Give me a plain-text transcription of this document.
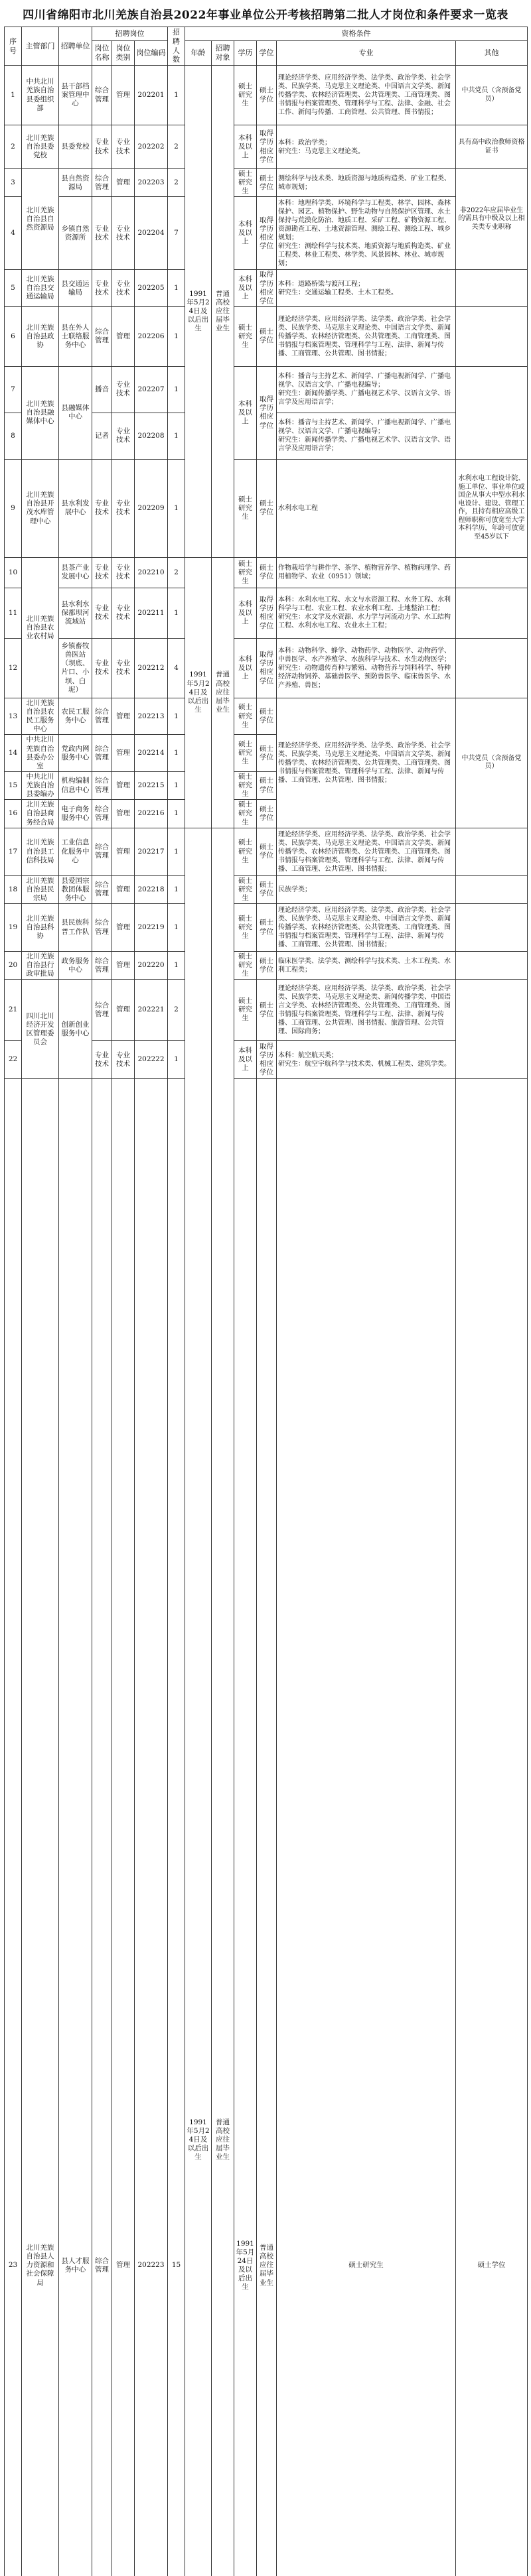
四川省绵阳市北川羌族自治县2022年事业单位公开考核招聘第二批人才岗位和条件要求一览表
序号	主管部门	招聘单位	招聘岗位			招聘人数	资格条件						
			岗位名称	岗位类别	岗位编码		年龄	招聘对象	学历	学位	专业	其他	
1	中共北川羌族自治县委组织部	县干部档案管理中心	综合管理	管理	202201	1	1991年5月24日及以后出生	普通高校应往届毕业生	硕士研究生	硕士学位	理论经济学类、应用经济学类、法学类、政治学类、社会学类、民族学类、马克思主义理论类、中国语言文学类、新闻传播学类、农林经济管理类、公共管理类、工商管理类、图书情报与档案管理类、管理科学与工程、法律、金融、社会工作、新闻与传播、工商管理、公共管理、图书情报；	中共党员（含预备党员）	
2	北川羌族自治县委党校	县委党校	专业技术	专业技术	202202	2			本科及以上	取得学历相应学位	本科：政治学类；
研究生：马克思主义理论类。	具有高中政治教师资格证书	
3	北川羌族自治县自然资源局	县自然资源局	综合管理	管理	202203	2			硕士研究生	硕士学位	测绘科学与技术类、地质资源与地质构造类、矿业工程类、城市规划；	非2022年应届毕业生的需具有中级及以上相关类专业职称	
4		乡镇自然资源所	专业技术	专业技术	202204	7			本科及以上	取得学历相应学位	本科：地理科学类、环境科学与工程类、林学、园林、森林保护、园艺、植物保护、野生动物与自然保护区管理、水土保持与荒漠化防治、地质工程、采矿工程、矿物资源工程、资源勘查工程、土地资源管理、测绘工程、测绘工程、城乡规划；
研究生：测绘科学与技术类、地质资源与地质构造类、矿业工程类、林业工程类、林学类、风景园林、林业、城市规划；		
5	北川羌族自治县交通运输局	县交通运输局	专业技术	专业技术	202205	1			本科及以上	取得学历相应学位	本科：道路桥梁与渡河工程；
研究生：交通运输工程类、土木工程类。		
6	北川羌族自治县政协	县在外人士联络服务中心	综合管理	管理	202206	1			硕士研究生	硕士学位	理论经济学类、应用经济学类、法学类、政治学类、社会学类、民族学类、马克思主义理论类、中国语言文学类、新闻传播学类、农林经济管理类、公共管理类、工商管理类、图书情报与档案管理类、管理科学与工程、法律、新闻与传播、工商管理、公共管理、图书情报；		
7	北川羌族自治县融媒体中心	县融媒体中心	播音	专业技术	202207	1			本科及以上	取得学历相应学位	本科：播音与主持艺术、新闻学、广播电视新闻学、广播电视学、汉语言文学、广播电视编导；
研究生：新闻传播学类、广播电视艺术学、汉语言文学、语言学及应用语言学；		
8			记者	专业技术	202208	1					本科：播音与主持艺术、新闻学、广播电视新闻学、广播电视学、汉语言文学、广播电视编导；
研究生：新闻传播学类、广播电视艺术学、汉语言文学、语言学及应用语言学；		
9	北川羌族自治县开茂水库管理中心	县水利发展中心	专业技术	专业技术	202209	1			硕士研究生	硕士学位	水利水电工程	水利水电工程设计院、施工单位、事业单位或国企从事大中型水利水电设计、建设、管理工作，且持有相应高级工程师职称可放宽至大学本科学历，年龄可放宽至45岁以下	
10	北川羌族自治县农业农村局	县茶产业发展中心	专业技术	专业技术	202210	2	1991年5月24日及以后出生	普通高校应往届毕业生	硕士研究生	硕士学位	作物栽培学与耕作学、茶学、植物营养学、植物病理学、药用植物学、农业（0951）领域；		
11		县水利水保都坝河流域站	专业技术	专业技术	202211	1			本科及以上	取得学历相应学位	本科：水利水电工程、水文与水资源工程、水务工程、水利科学与工程、农业工程、农业水利工程、土地整治工程；
研究生：水文学及水资源、水力学与河流动力学、水工结构工程、水利水电工程、农业水土工程；		
12		乡镇畜牧兽医站（坝底、片口、小坝、白坭）	专业技术	专业技术	202212	4			本科及以上	取得学历相应学位	本科：动物科学、蜂学、动物药学、动物医学、动物药学、中兽医学、水产养殖学、水族科学与技术、水生动物医学；
研究生：动物遗传育种与繁殖、动物营养与饲料科学、特种经济动物饲养、基础兽医学、预防兽医学、临床兽医学、水产养殖、兽医；		
13	北川羌族自治县农民工服务中心	农民工服务中心	综合管理	管理	202213	1			硕士研究生	硕士学位	理论经济学类、应用经济学类、法学类、政治学类、社会学类、民族学类、马克思主义理论类、中国语言文学类、新闻传播学类、农林经济管理类、公共管理类、工商管理类、图书情报与档案管理类、管理科学与工程、法律、新闻与传播、工商管理、公共管理、图书情报；	中共党员（含预备党员）	
14	中共北川羌族自治县委办公室	党政内网服务中心	综合管理	管理	202214	1			硕士研究生	硕士学位			
15	中共北川羌族自治县委编办	机构编制信息中心	综合管理	管理	202215	1			硕士研究生	硕士学位			
16	北川羌族自治县商务经合局	电子商务服务中心	综合管理	管理	202216	1			硕士研究生	硕士学位			
17	北川羌族自治县工信科技局	工业信息化服务中心	综合管理	管理	202217	1	1991年5月24日及以后出生	普通高校应往届毕业生	硕士研究生	硕士学位	理论经济学类、应用经济学类、法学类、政治学类、社会学类、民族学类、马克思主义理论类、中国语言文学类、新闻传播学类、农林经济管理类、公共管理类、工商管理类、图书情报与档案管理类、管理科学与工程、法律、新闻与传播、工商管理、公共管理、图书情报；		
18	北川羌族自治县民宗局	县爱国宗教团体服务中心	综合管理	管理	202218	1			硕士研究生	硕士学位	民族学类；		
19	北川羌族自治县科协	县民族科普工作队	综合管理	管理	202219	1			硕士研究生	硕士学位	理论经济学类、应用经济学类、法学类、政治学类、社会学类、民族学类、马克思主义理论类、中国语言文学类、新闻传播学类、农林经济管理类、公共管理类、工商管理类、图书情报与档案管理类、管理科学与工程、法律、新闻与传播、工商管理、公共管理、图书情报；		
20	北川羌族自治县行政审批局	政务服务中心	综合管理	管理	202220	1			硕士研究生	硕士学位	临床医学类、法学类、测绘科学与技术类、土木工程类、水利工程类；		
21	四川北川经济开发区管理委员会	创新创业服务中心	综合管理	管理	202221	2			硕士研究生	硕士学位	理论经济学类、应用经济学类、法学类、政治学类、社会学类、民族学类、马克思主义理论类、新闻传播学类、中国语言文学类、农林经济管理类、公共管理类、工商管理类、图书情报与档案管理类、管理科学与工程、法律、新闻与传播、工商管理、公共管理、图书情报、旅游管理、公共管理、国际商务；		
22			专业技术	专业技术	202222	1			本科及以上	取得学历相应学位	本科：航空航天类；
研究生：航空宇航科学与技术类、机械工程类、建筑学类。		
23	北川羌族自治县人力资源和社会保障局	县人才服务中心	综合管理	管理	202223	15			1991年5月24日及以后出生	普通高校应往届毕业生	硕士研究生	硕士学位		
